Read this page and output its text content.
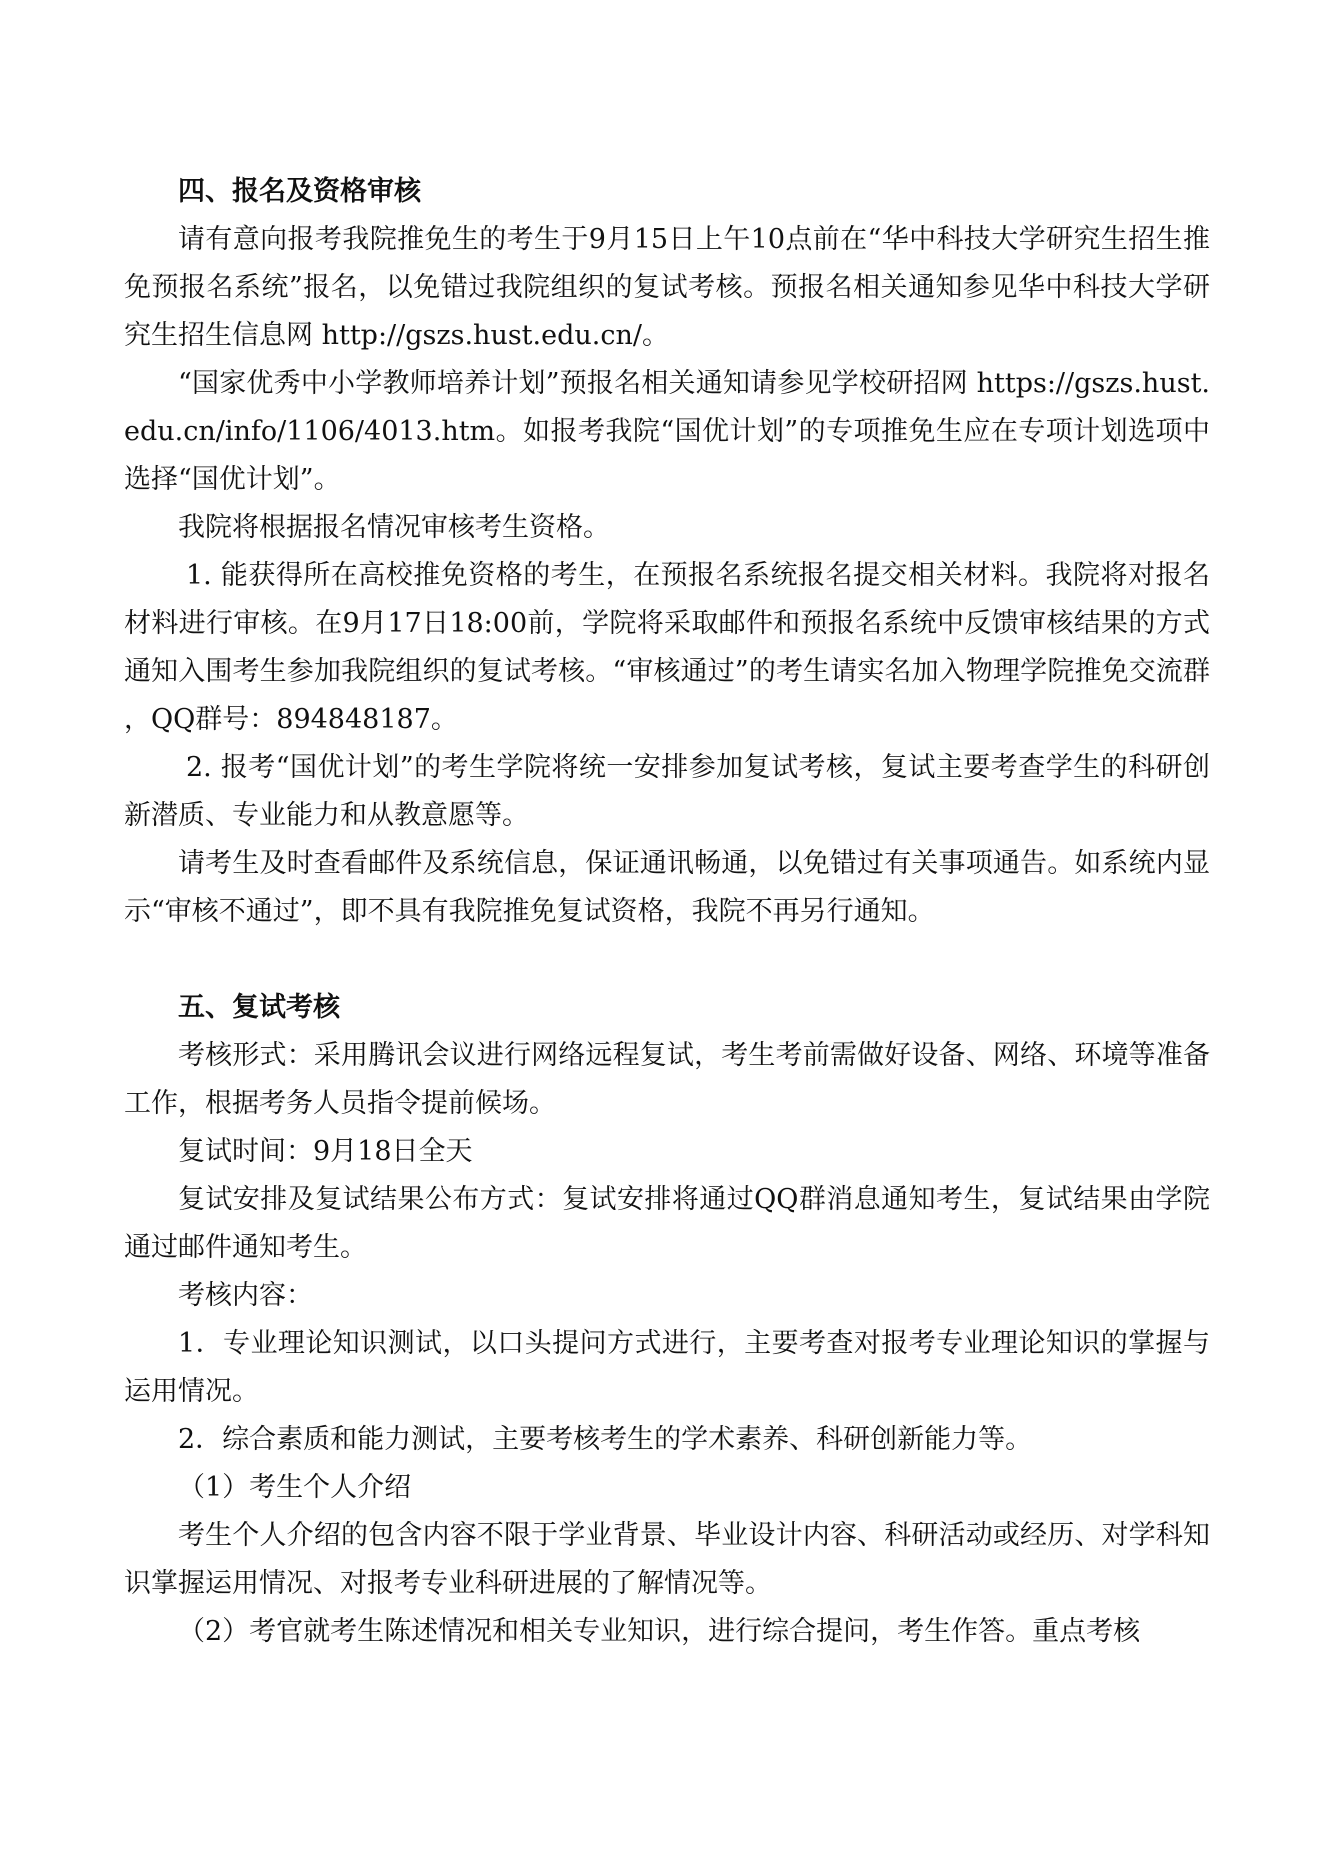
四、报名及资格审核

请有意向报考我院推免生的考生于9月15日上午10点前在“华中科技大学研究生招生推免预报名系统”报名，以免错过我院组织的复试考核。预报名相关通知参见华中科技大学研究生招生信息网 http://gszs.hust.edu.cn/。

“国家优秀中小学教师培养计划”预报名相关通知请参见学校研招网 https://gszs.hust.edu.cn/info/1106/4013.htm。如报考我院“国优计划”的专项推免生应在专项计划选项中选择“国优计划”。

我院将根据报名情况审核考生资格。

1. 能获得所在高校推免资格的考生，在预报名系统报名提交相关材料。我院将对报名材料进行审核。在9月17日18:00前，学院将采取邮件和预报名系统中反馈审核结果的方式通知入围考生参加我院组织的复试考核。“审核通过”的考生请实名加入物理学院推免交流群，QQ群号：894848187。

2. 报考“国优计划”的考生学院将统一安排参加复试考核，复试主要考查学生的科研创新潜质、专业能力和从教意愿等。

请考生及时查看邮件及系统信息，保证通讯畅通，以免错过有关事项通告。如系统内显示“审核不通过”，即不具有我院推免复试资格，我院不再另行通知。

五、复试考核

考核形式：采用腾讯会议进行网络远程复试，考生考前需做好设备、网络、环境等准备工作，根据考务人员指令提前候场。

复试时间：9月18日全天

复试安排及复试结果公布方式：复试安排将通过QQ群消息通知考生，复试结果由学院通过邮件通知考生。

考核内容：

1．专业理论知识测试，以口头提问方式进行，主要考查对报考专业理论知识的掌握与运用情况。

2．综合素质和能力测试，主要考核考生的学术素养、科研创新能力等。

（1）考生个人介绍

考生个人介绍的包含内容不限于学业背景、毕业设计内容、科研活动或经历、对学科知识掌握运用情况、对报考专业科研进展的了解情况等。

（2）考官就考生陈述情况和相关专业知识，进行综合提问，考生作答。重点考核
